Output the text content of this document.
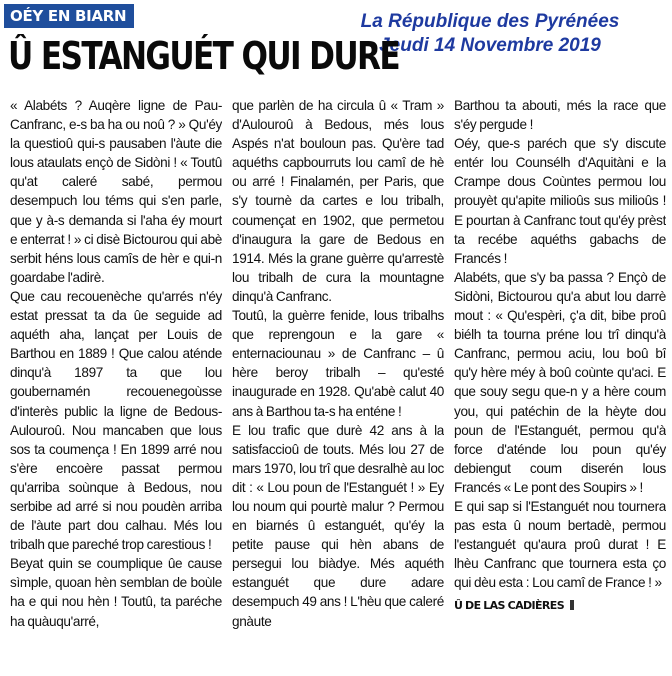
OÉY EN BIARN	La République des Pyrénées
Jeudi 14 Novembre 2019
Û ESTANGUÉT QUI DURE

« Alabéts ? Auqère ligne de Pau-Canfranc, e-s ba ha ou noû ? » Qu'éy la questioû qui-s pausaben l'àute die lous ataulats ençò de Sidòni ! « Toutû qu'at caleré sabé, permou desempuch lou téms qui s'en parle, que y à-s demanda si l'aha éy mourt e enterrat ! » ci disè Bictourou qui abè serbit héns lous camîs de hèr e qui-n goardabe l'adirè.

Que cau recouenèche qu'arrés n'éy estat pressat ta da ûe seguide ad aquéth aha, lançat per Louis de Barthou en 1889 ! Que calou aténde dinqu'à 1897 ta que lou goubernamén recouenegoùsse d'interès public la ligne de Bedous-Aulouroû. Nou mancaben que lous sos ta coumença ! En 1899 arré nou s'ère encoère passat permou qu'arriba soùnque à Bedous, nou serbibe ad arré si nou poudèn arriba de l'àute part dou calhau. Més lou tribalh que pareché trop carestious !

Beyat quin se coumplique ûe cause sìmple, quoan hèn semblan de boùle ha e qui nou hèn ! Toutû, ta paréche ha quàuqu'arré,

que parlèn de ha circula û « Tram » d'Aulouroû à Bedous, més lous Aspés n'at bouloun pas. Qu'ère tad aquéths capbourruts lou camî de hè ou arré ! Finalamén, per Paris, que s'y tournè da cartes e lou tribalh, coumençat en 1902, que permetou d'inaugura la gare de Bedous en 1914. Més la grane guèrre qu'arrestè lou tribalh de cura la mountagne dinqu'à Canfranc.

Toutû, la guèrre fenide, lous tribalhs que reprengoun e la gare « enternaciounau » de Canfranc – û hère beroy tribalh – qu'esté inaugurade en 1928. Qu'abè calut 40 ans à Barthou ta-s ha enténe !

E lou trafic que durè 42 ans à la satisfaccioû de touts. Més lou 27 de mars 1970, lou trî que desralhè au loc dit : « Lou poun de l'Estanguét ! » Ey lou noum qui pourtè malur ? Permou en biarnés û estanguét, qu'éy la petite pause qui hèn abans de persegui lou biàdye. Més aquéth estanguét que dure adare desempuch 49 ans ! L'hèu que caleré gnàute

Barthou ta abouti, més la race que s'éy pergude !

Oéy, que-s paréch que s'y discute entér lou Counsélh d'Aquitàni e la Crampe dous Coùntes permou lou prouyèt qu'apite milioûs sus milioûs ! E pourtan à Canfranc tout qu'éy prèst ta recébe aquéths gabachs de Francés !

Alabéts, que s'y ba passa ? Ençò de Sidòni, Bictourou qu'a abut lou darrè mout : « Qu'espèri, ç'a dit, bibe proû biélh ta tourna préne lou trî dinqu'à Canfranc, permou aciu, lou boû bî qu'y hère méy à boû coùnte qu'aci. E que souy segu que-n y a hère coum you, qui patéchin de la hèyte dou poun de l'Estanguét, permou qu'à force d'aténde lou poun qu'éy debiengut coum diserén lous Francés « Le pont des Soupirs » !

E qui sap si l'Estanguét nou tournera pas esta û noum bertadè, permou l'estanguét qu'aura proû durat ! E lhèu Canfranc que tournera esta ço qui dèu esta : Lou camî de France ! »

Û DE LAS CADIÈRES
